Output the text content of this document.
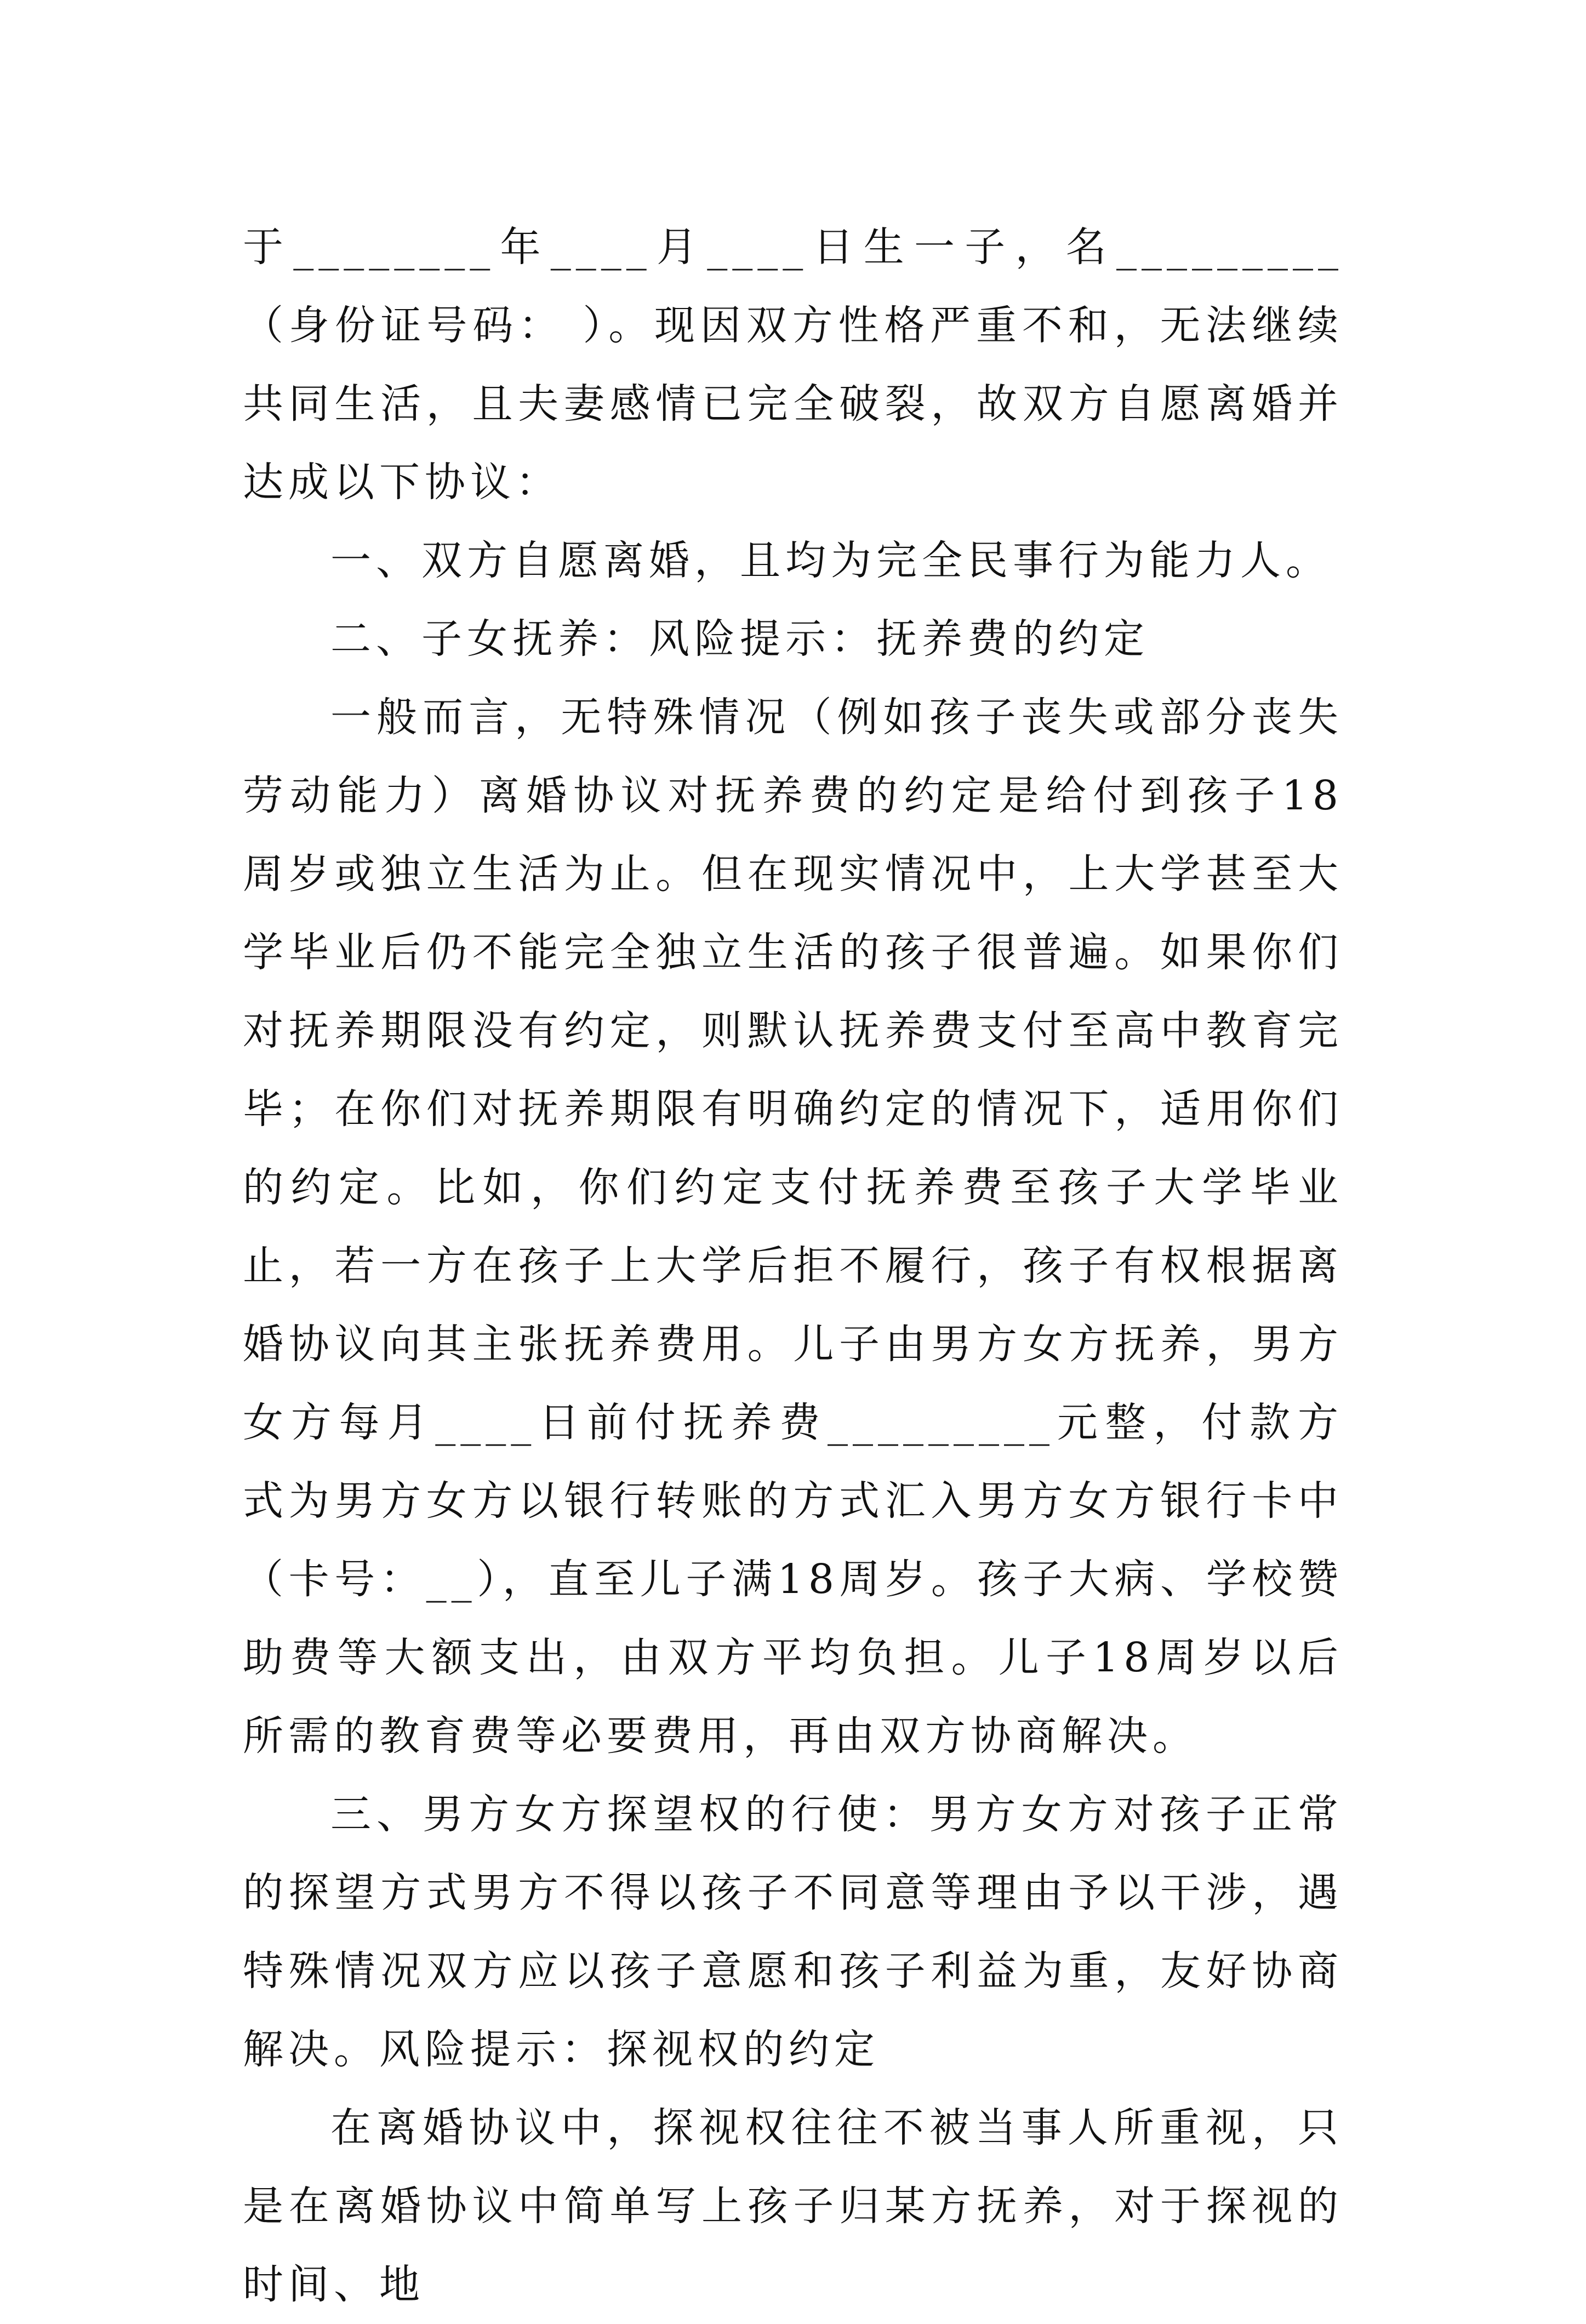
于________年____月____日生一子，名_________（身份证号码： ）。现因双方性格严重不和，无法继续共同生活，且夫妻感情已完全破裂，故双方自愿离婚并达成以下协议：

一、双方自愿离婚，且均为完全民事行为能力人。

二、子女抚养：风险提示：抚养费的约定

一般而言，无特殊情况（例如孩子丧失或部分丧失劳动能力）离婚协议对抚养费的约定是给付到孩子18周岁或独立生活为止。但在现实情况中，上大学甚至大学毕业后仍不能完全独立生活的孩子很普遍。如果你们对抚养期限没有约定，则默认抚养费支付至高中教育完毕；在你们对抚养期限有明确约定的情况下，适用你们的约定。比如，你们约定支付抚养费至孩子大学毕业止，若一方在孩子上大学后拒不履行，孩子有权根据离婚协议向其主张抚养费用。儿子由男方女方抚养，男方女方每月____日前付抚养费_________元整，付款方式为男方女方以银行转账的方式汇入男方女方银行卡中（卡号：__），直至儿子满18周岁。孩子大病、学校赞助费等大额支出，由双方平均负担。儿子18周岁以后所需的教育费等必要费用，再由双方协商解决。

三、男方女方探望权的行使：男方女方对孩子正常的探望方式男方不得以孩子不同意等理由予以干涉，遇特殊情况双方应以孩子意愿和孩子利益为重，友好协商解决。风险提示：探视权的约定

在离婚协议中，探视权往往不被当事人所重视，只是在离婚协议中简单写上孩子归某方抚养，对于探视的时间、地
